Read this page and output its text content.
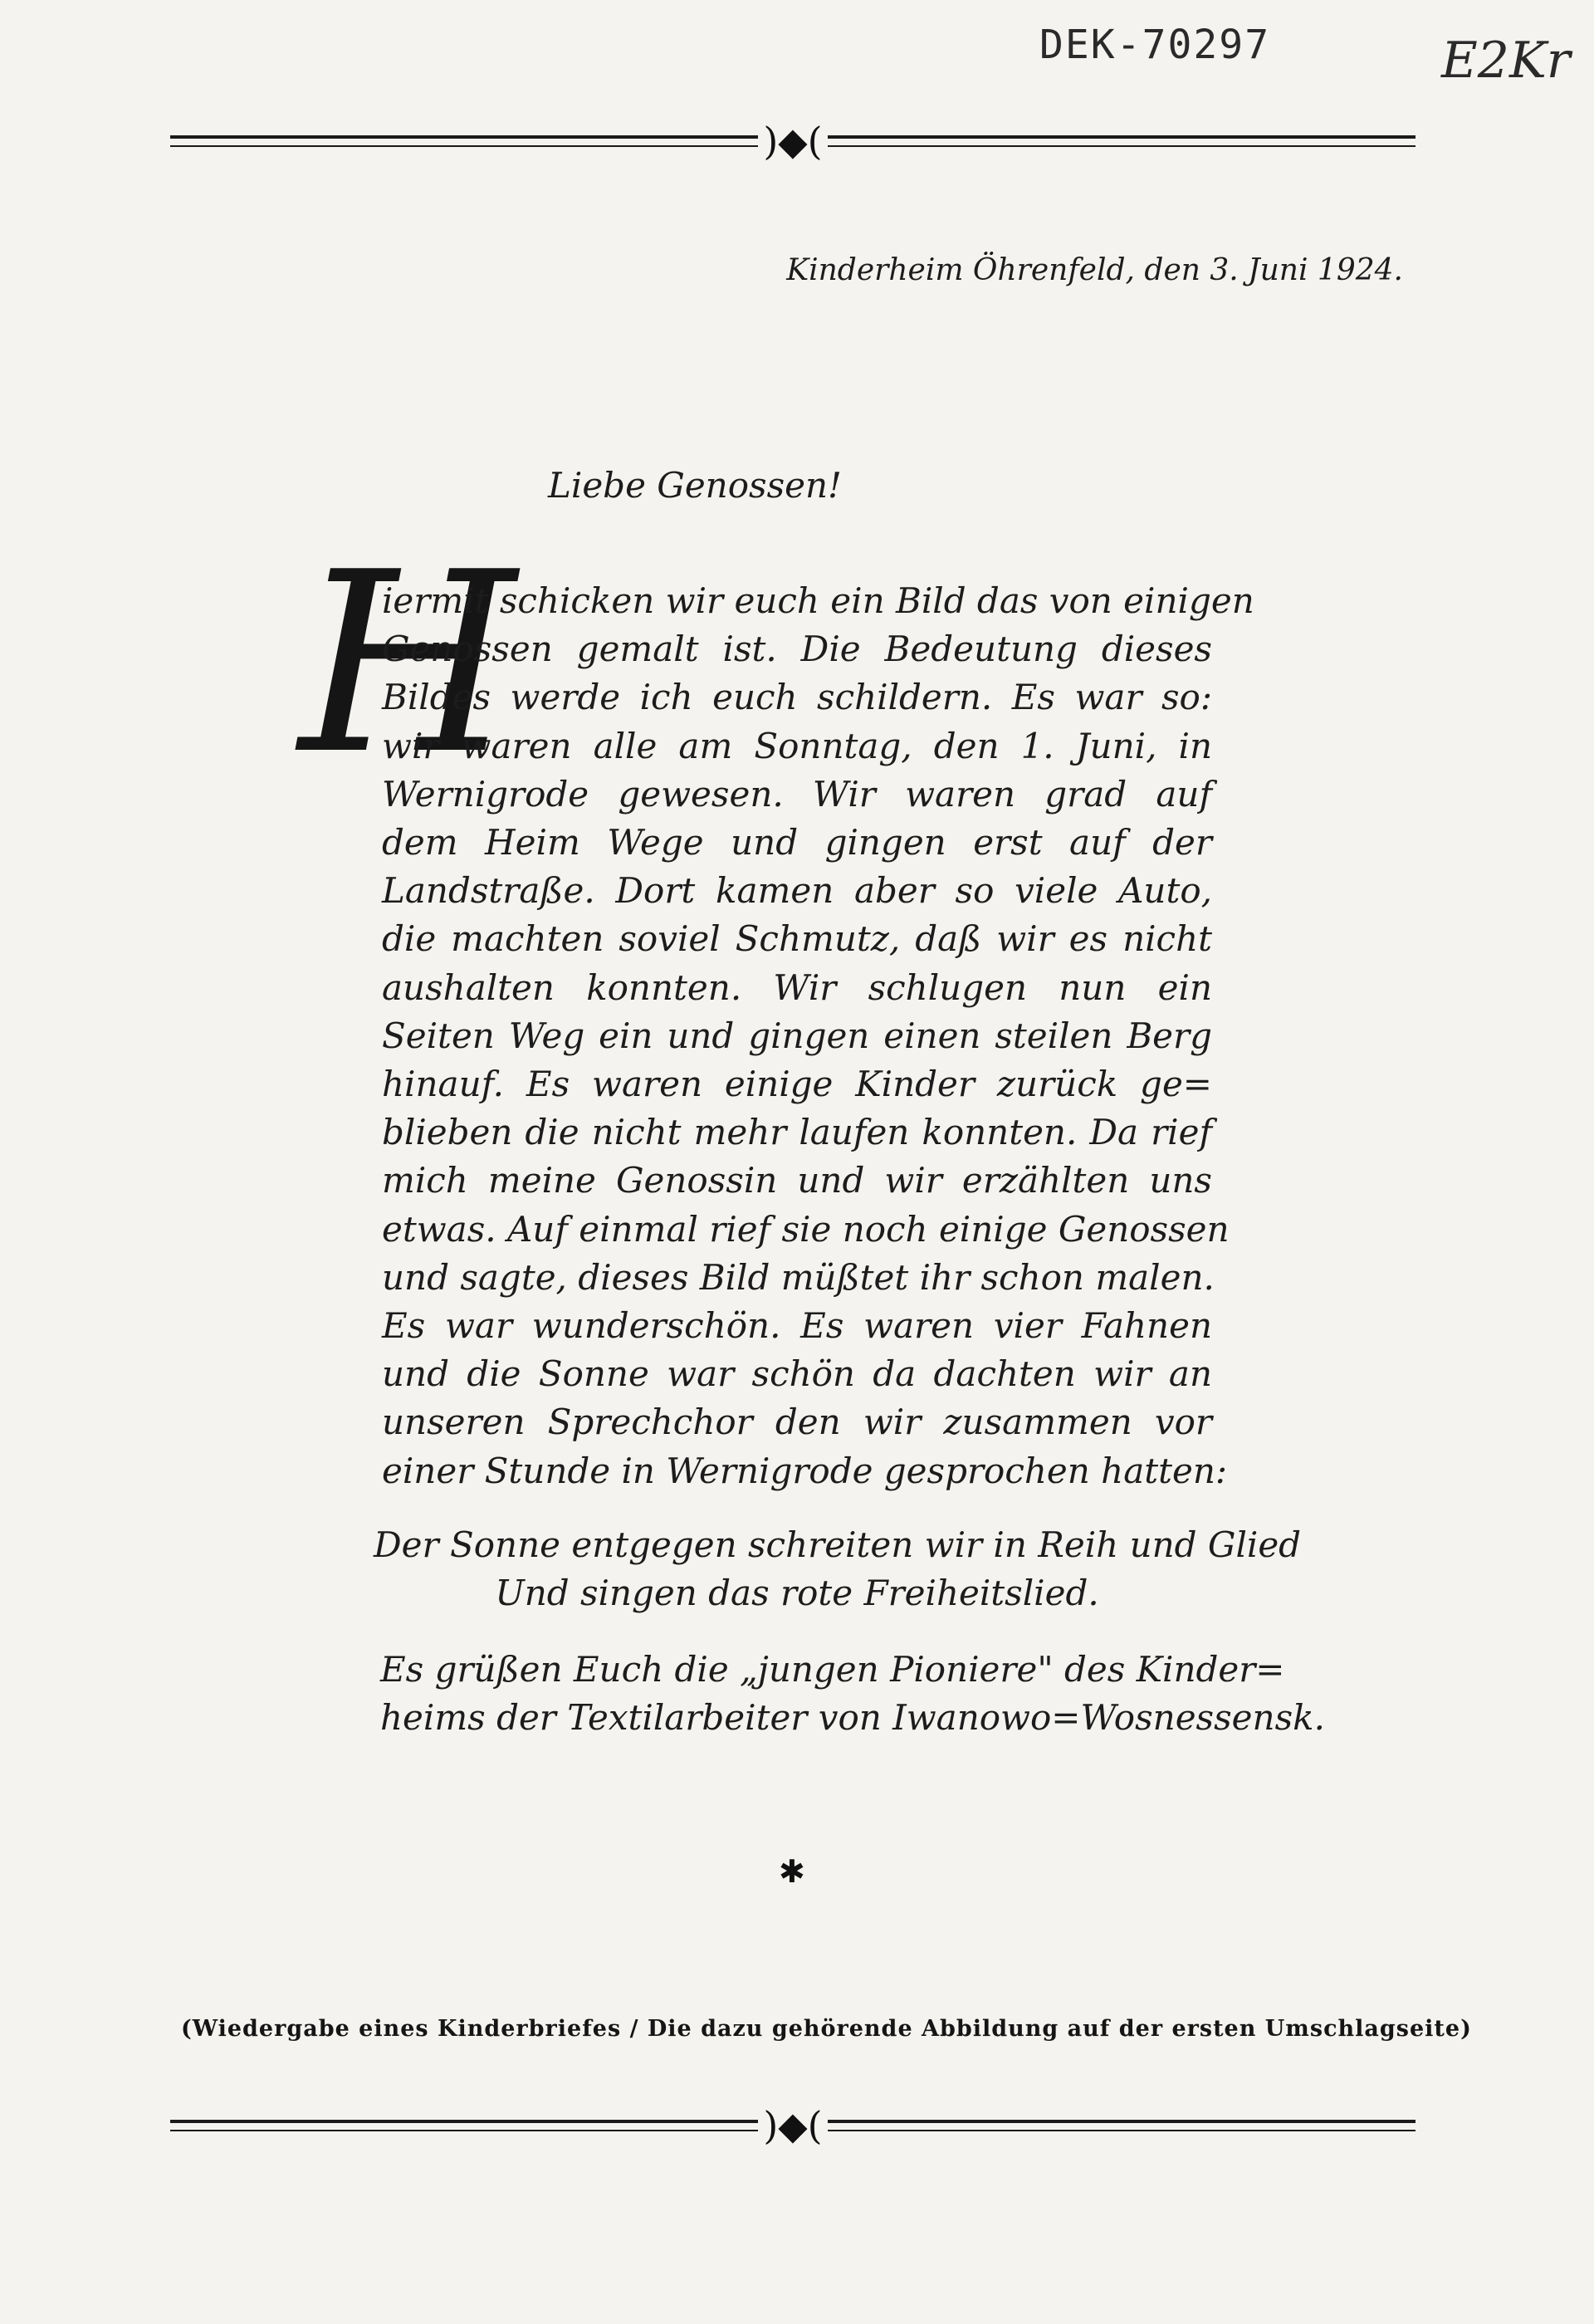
DEK-70297	E2Kr
)◆(
Kinderheim Öhrenfeld, den 3. Juni 1924.
Liebe Genossen!
H
iermit schicken wir euch ein Bild das von einigen
Genossen gemalt ist. Die Bedeutung dieses
Bildes werde ich euch schildern. Es war so:
wir waren alle am Sonntag, den 1. Juni, in
Wernigrode gewesen. Wir waren grad auf
dem Heim Wege und gingen erst auf der
Landstraße. Dort kamen aber so viele Auto,
die machten soviel Schmutz, daß wir es nicht
aushalten konnten. Wir schlugen nun ein
Seiten Weg ein und gingen einen steilen Berg
hinauf. Es waren einige Kinder zurück ge=
blieben die nicht mehr laufen konnten. Da rief
mich meine Genossin und wir erzählten uns
etwas. Auf einmal rief sie noch einige Genossen
und sagte, dieses Bild müßtet ihr schon malen.
Es war wunderschön. Es waren vier Fahnen
und die Sonne war schön da dachten wir an
unseren Sprechchor den wir zusammen vor
einer Stunde in Wernigrode gesprochen hatten:
Der Sonne entgegen schreiten wir in Reih und Glied
Und singen das rote Freiheitslied.
Es grüßen Euch die „jungen Pioniere" des Kinder=
heims der Textilarbeiter von Iwanowo=Wosnessensk.
✱
(Wiedergabe eines Kinderbriefes / Die dazu gehörende Abbildung auf der ersten Umschlagseite)
)◆(
